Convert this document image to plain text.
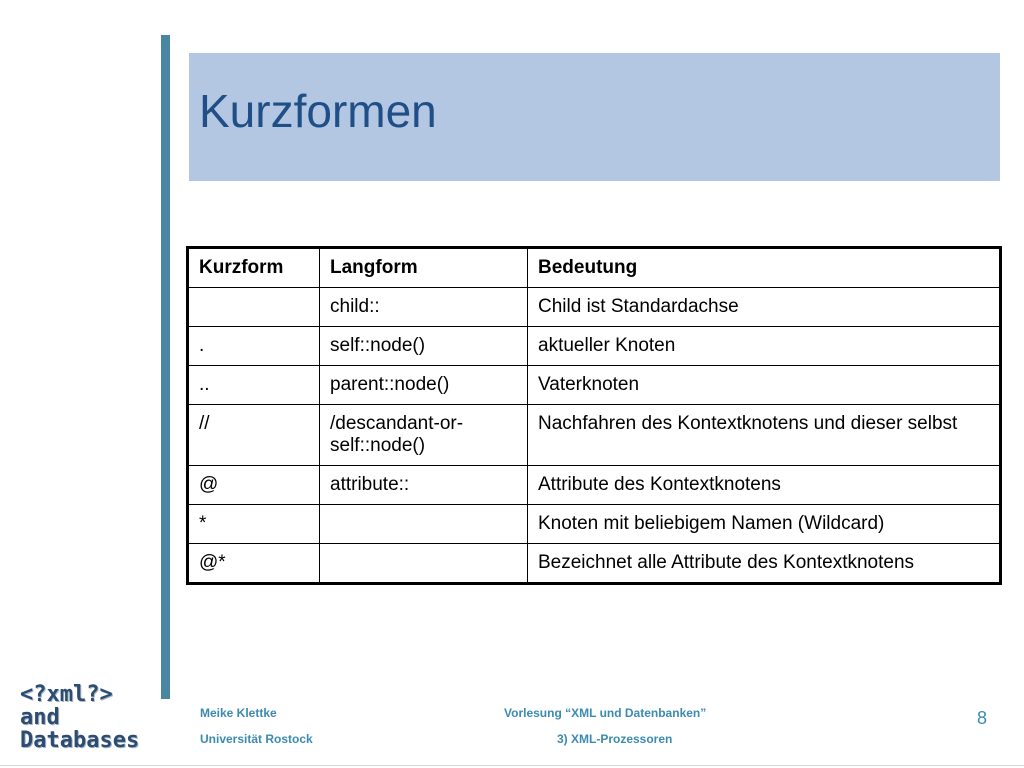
Kurzformen
Kurzform	Langform	Bedeutung
	child::	Child ist Standardachse
.	self::node()	aktueller Knoten
..	parent::node()	Vaterknoten
//	/descandant-or-self::node()	Nachfahren des Kontextknotens und dieser selbst
@	attribute::	Attribute des Kontextknotens
*		Knoten mit beliebigem Namen (Wildcard)
@*		Bezeichnet alle Attribute des Kontextknotens
<?xml?>
and
Databases
Meike Klettke
Universität Rostock
Vorlesung “XML und Datenbanken”
3) XML-Prozessoren
8
